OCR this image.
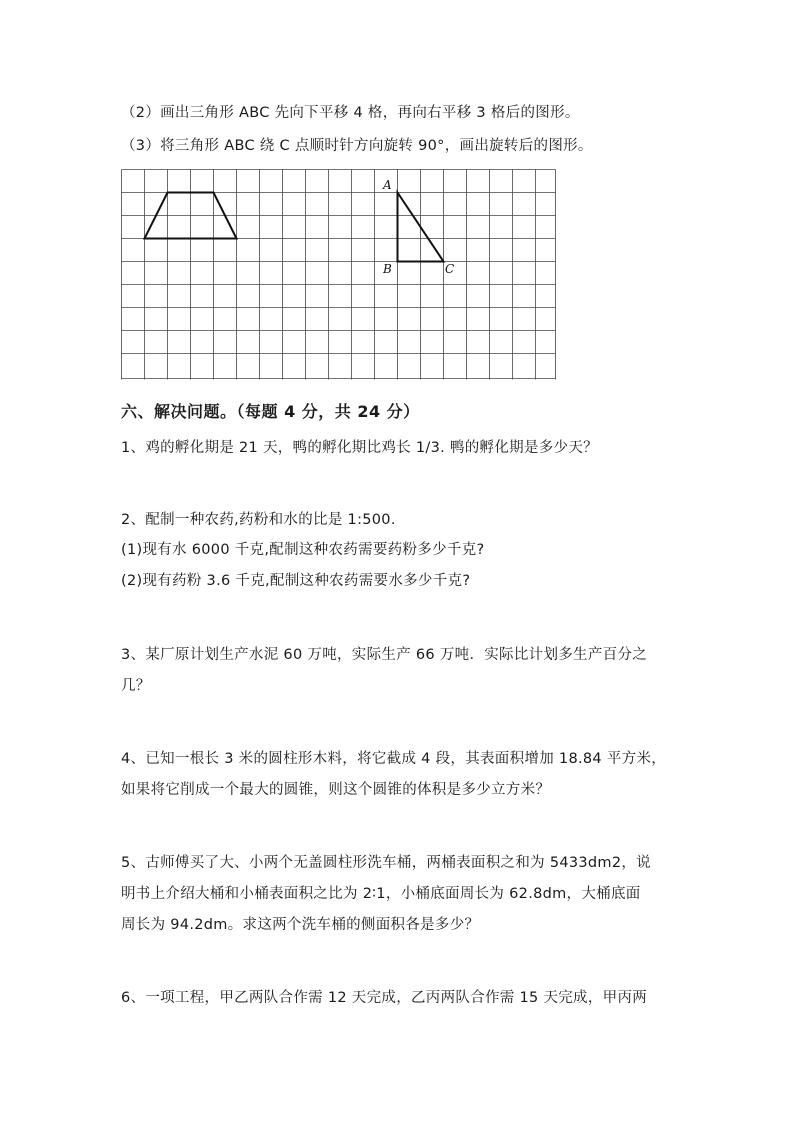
（2）画出三角形 ABC 先向下平移 4 格，再向右平移 3 格后的图形。
（3）将三角形 ABC 绕 C 点顺时针方向旋转 90°，画出旋转后的图形。
A
B	C
六、解决问题。（每题 4 分，共 24 分）
1、鸡的孵化期是 21 天，鸭的孵化期比鸡长 1/3. 鸭的孵化期是多少天？
2、配制一种农药,药粉和水的比是 1:500.
(1)现有水 6000 千克,配制这种农药需要药粉多少千克?
(2)现有药粉 3.6 千克,配制这种农药需要水多少千克?
3、某厂原计划生产水泥 60 万吨，实际生产 66 万吨．实际比计划多生产百分之
几？
4、已知一根长 3 米的圆柱形木料，将它截成 4 段，其表面积增加 18.84 平方米，
如果将它削成一个最大的圆锥，则这个圆锥的体积是多少立方米？
5、古师傅买了大、小两个无盖圆柱形洗车桶，两桶表面积之和为 5433dm2，说
明书上介绍大桶和小桶表面积之比为 2∶1，小桶底面周长为 62.8dm，大桶底面
周长为 94.2dm。求这两个洗车桶的侧面积各是多少？
6、一项工程，甲乙两队合作需 12 天完成，乙丙两队合作需 15 天完成，甲丙两
